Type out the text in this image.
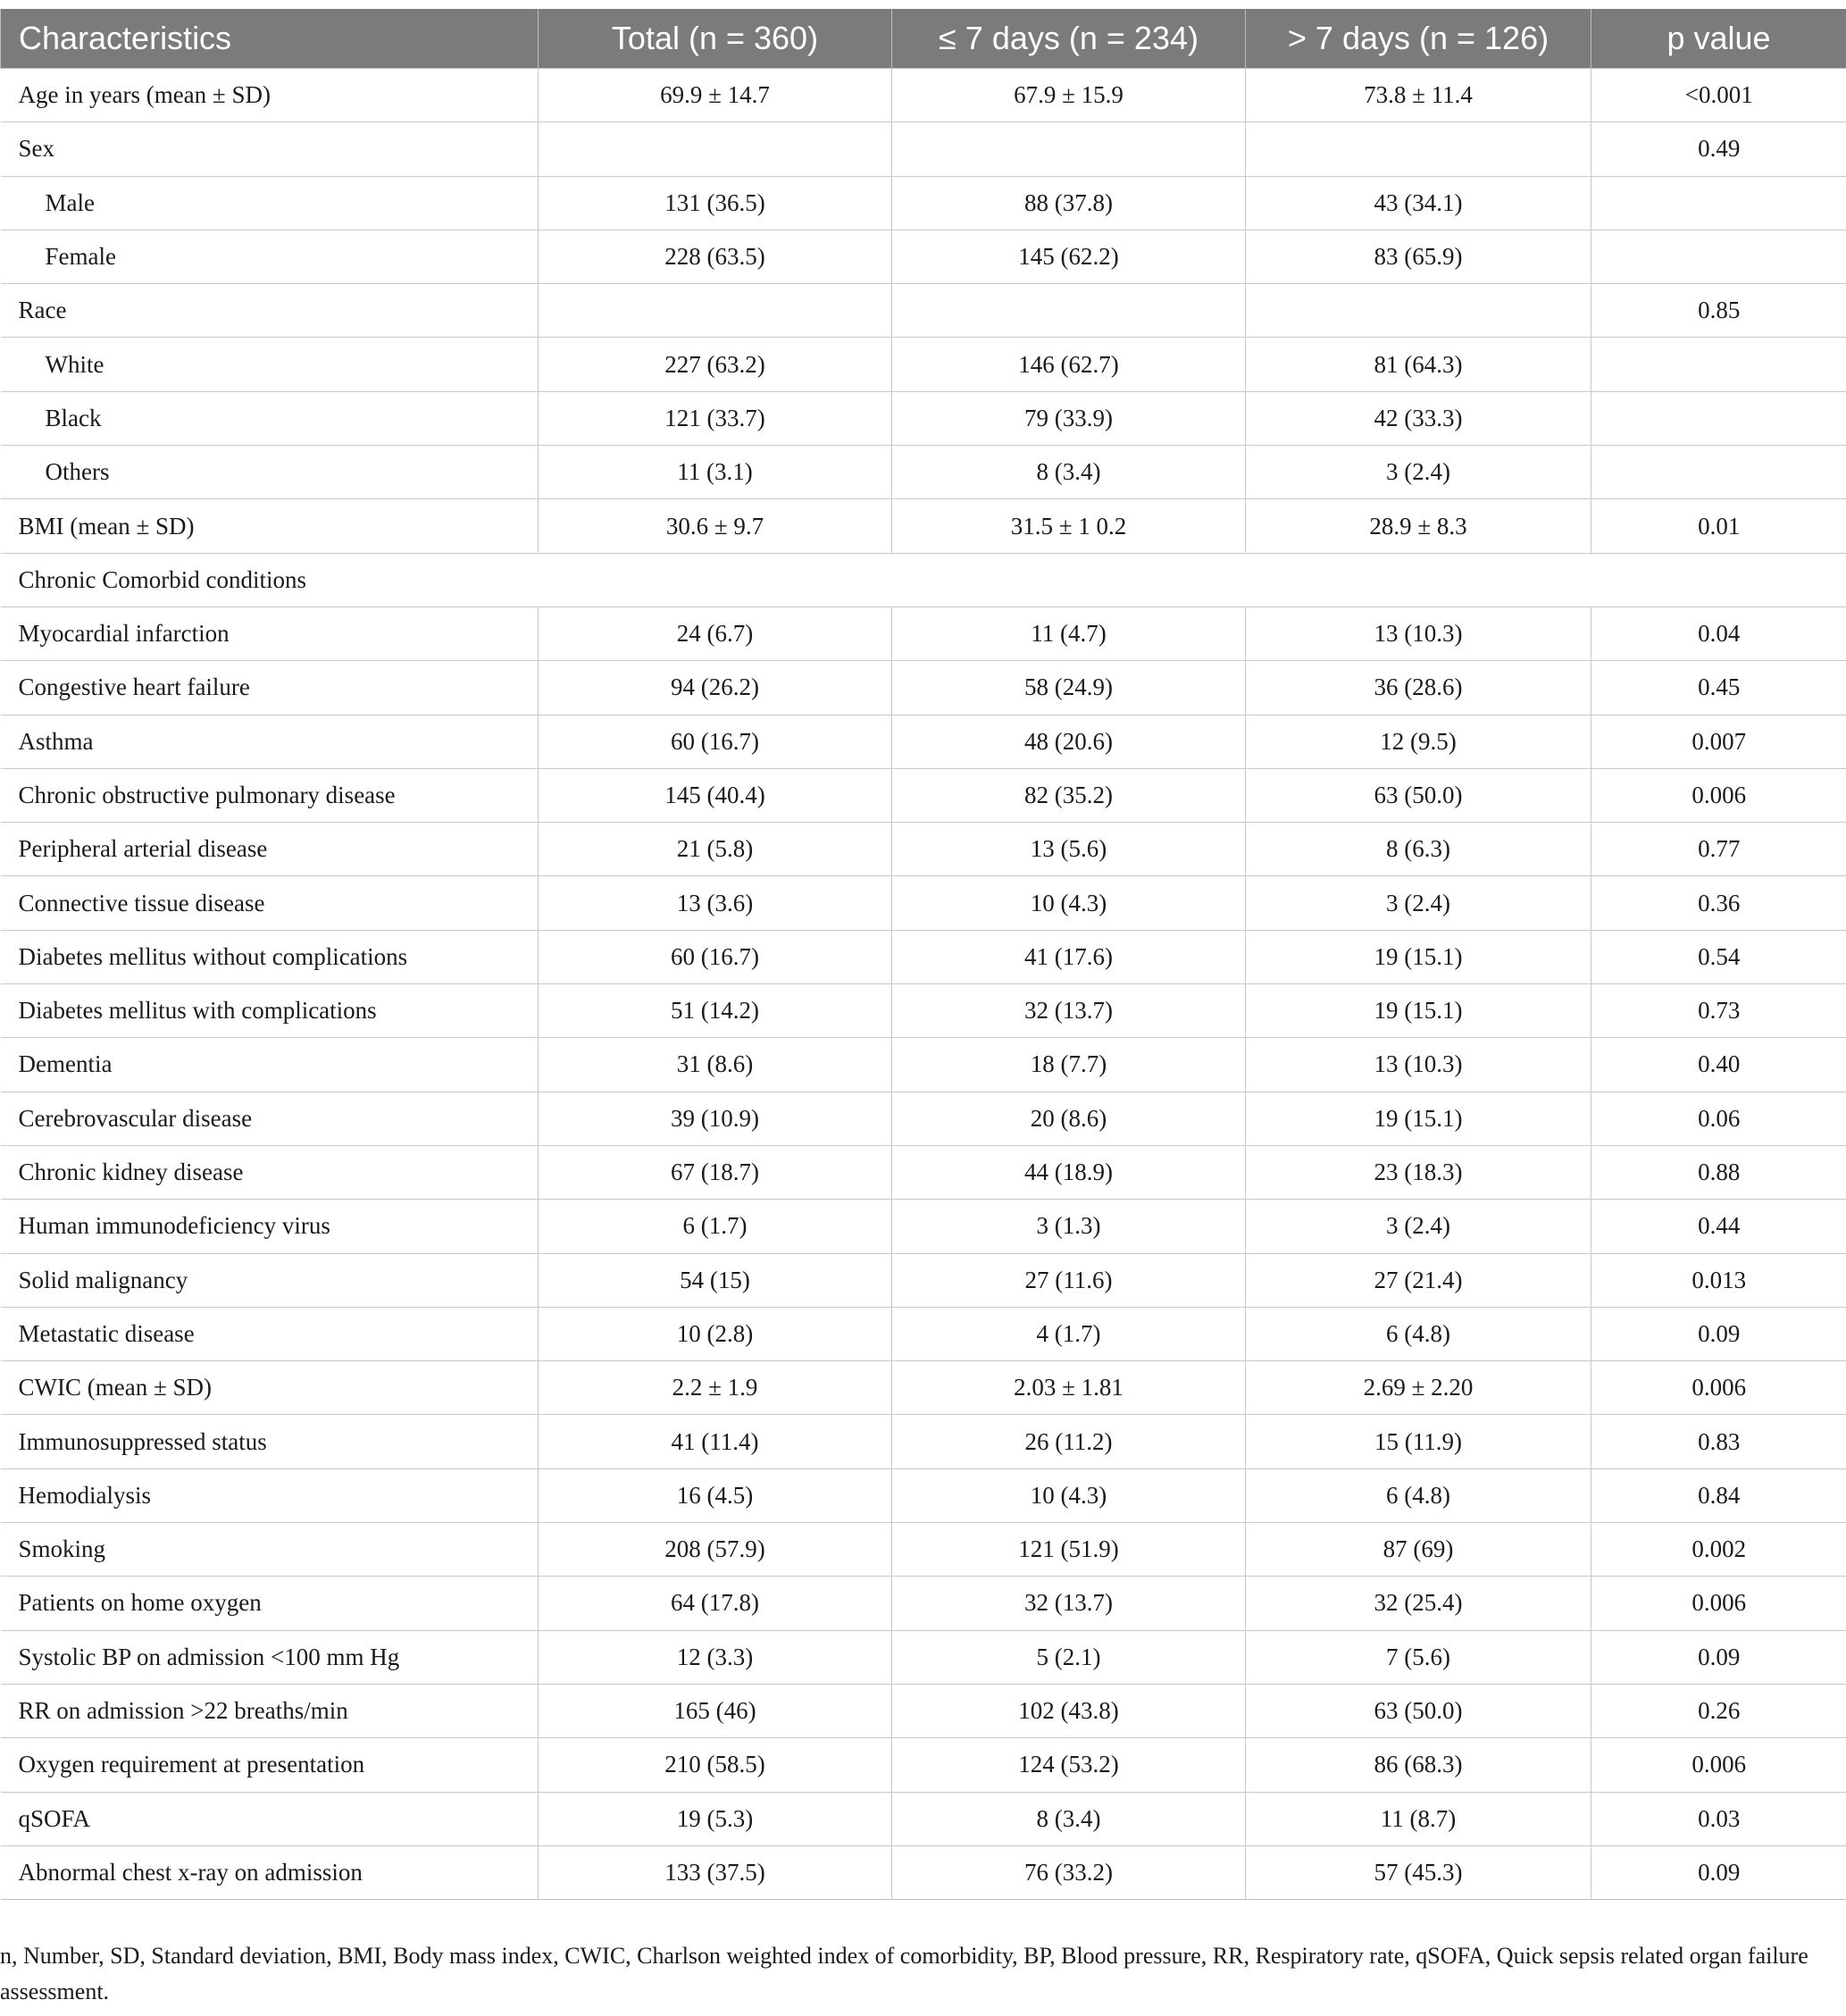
Characteristics	Total (n = 360)	≤ 7 days (n = 234)	> 7 days (n = 126)	p value
Age in years (mean ± SD)	69.9 ± 14.7	67.9 ± 15.9	73.8 ± 11.4	<0.001
Sex				0.49
Male	131 (36.5)	88 (37.8)	43 (34.1)	
Female	228 (63.5)	145 (62.2)	83 (65.9)	
Race				0.85
White	227 (63.2)	146 (62.7)	81 (64.3)	
Black	121 (33.7)	79 (33.9)	42 (33.3)	
Others	11 (3.1)	8 (3.4)	3 (2.4)	
BMI (mean ± SD)	30.6 ± 9.7	31.5 ± 1 0.2	28.9 ± 8.3	0.01
Chronic Comorbid conditions				
Myocardial infarction	24 (6.7)	11 (4.7)	13 (10.3)	0.04
Congestive heart failure	94 (26.2)	58 (24.9)	36 (28.6)	0.45
Asthma	60 (16.7)	48 (20.6)	12 (9.5)	0.007
Chronic obstructive pulmonary disease	145 (40.4)	82 (35.2)	63 (50.0)	0.006
Peripheral arterial disease	21 (5.8)	13 (5.6)	8 (6.3)	0.77
Connective tissue disease	13 (3.6)	10 (4.3)	3 (2.4)	0.36
Diabetes mellitus without complications	60 (16.7)	41 (17.6)	19 (15.1)	0.54
Diabetes mellitus with complications	51 (14.2)	32 (13.7)	19 (15.1)	0.73
Dementia	31 (8.6)	18 (7.7)	13 (10.3)	0.40
Cerebrovascular disease	39 (10.9)	20 (8.6)	19 (15.1)	0.06
Chronic kidney disease	67 (18.7)	44 (18.9)	23 (18.3)	0.88
Human immunodeficiency virus	6 (1.7)	3 (1.3)	3 (2.4)	0.44
Solid malignancy	54 (15)	27 (11.6)	27 (21.4)	0.013
Metastatic disease	10 (2.8)	4 (1.7)	6 (4.8)	0.09
CWIC (mean ± SD)	2.2 ± 1.9	2.03 ± 1.81	2.69 ± 2.20	0.006
Immunosuppressed status	41 (11.4)	26 (11.2)	15 (11.9)	0.83
Hemodialysis	16 (4.5)	10 (4.3)	6 (4.8)	0.84
Smoking	208 (57.9)	121 (51.9)	87 (69)	0.002
Patients on home oxygen	64 (17.8)	32 (13.7)	32 (25.4)	0.006
Systolic BP on admission <100 mm Hg	12 (3.3)	5 (2.1)	7 (5.6)	0.09
RR on admission >22 breaths/min	165 (46)	102 (43.8)	63 (50.0)	0.26
Oxygen requirement at presentation	210 (58.5)	124 (53.2)	86 (68.3)	0.006
qSOFA	19 (5.3)	8 (3.4)	11 (8.7)	0.03
Abnormal chest x-ray on admission	133 (37.5)	76 (33.2)	57 (45.3)	0.09
n, Number, SD, Standard deviation, BMI, Body mass index, CWIC, Charlson weighted index of comorbidity, BP, Blood pressure, RR, Respiratory rate, qSOFA, Quick sepsis related organ failure assessment.
